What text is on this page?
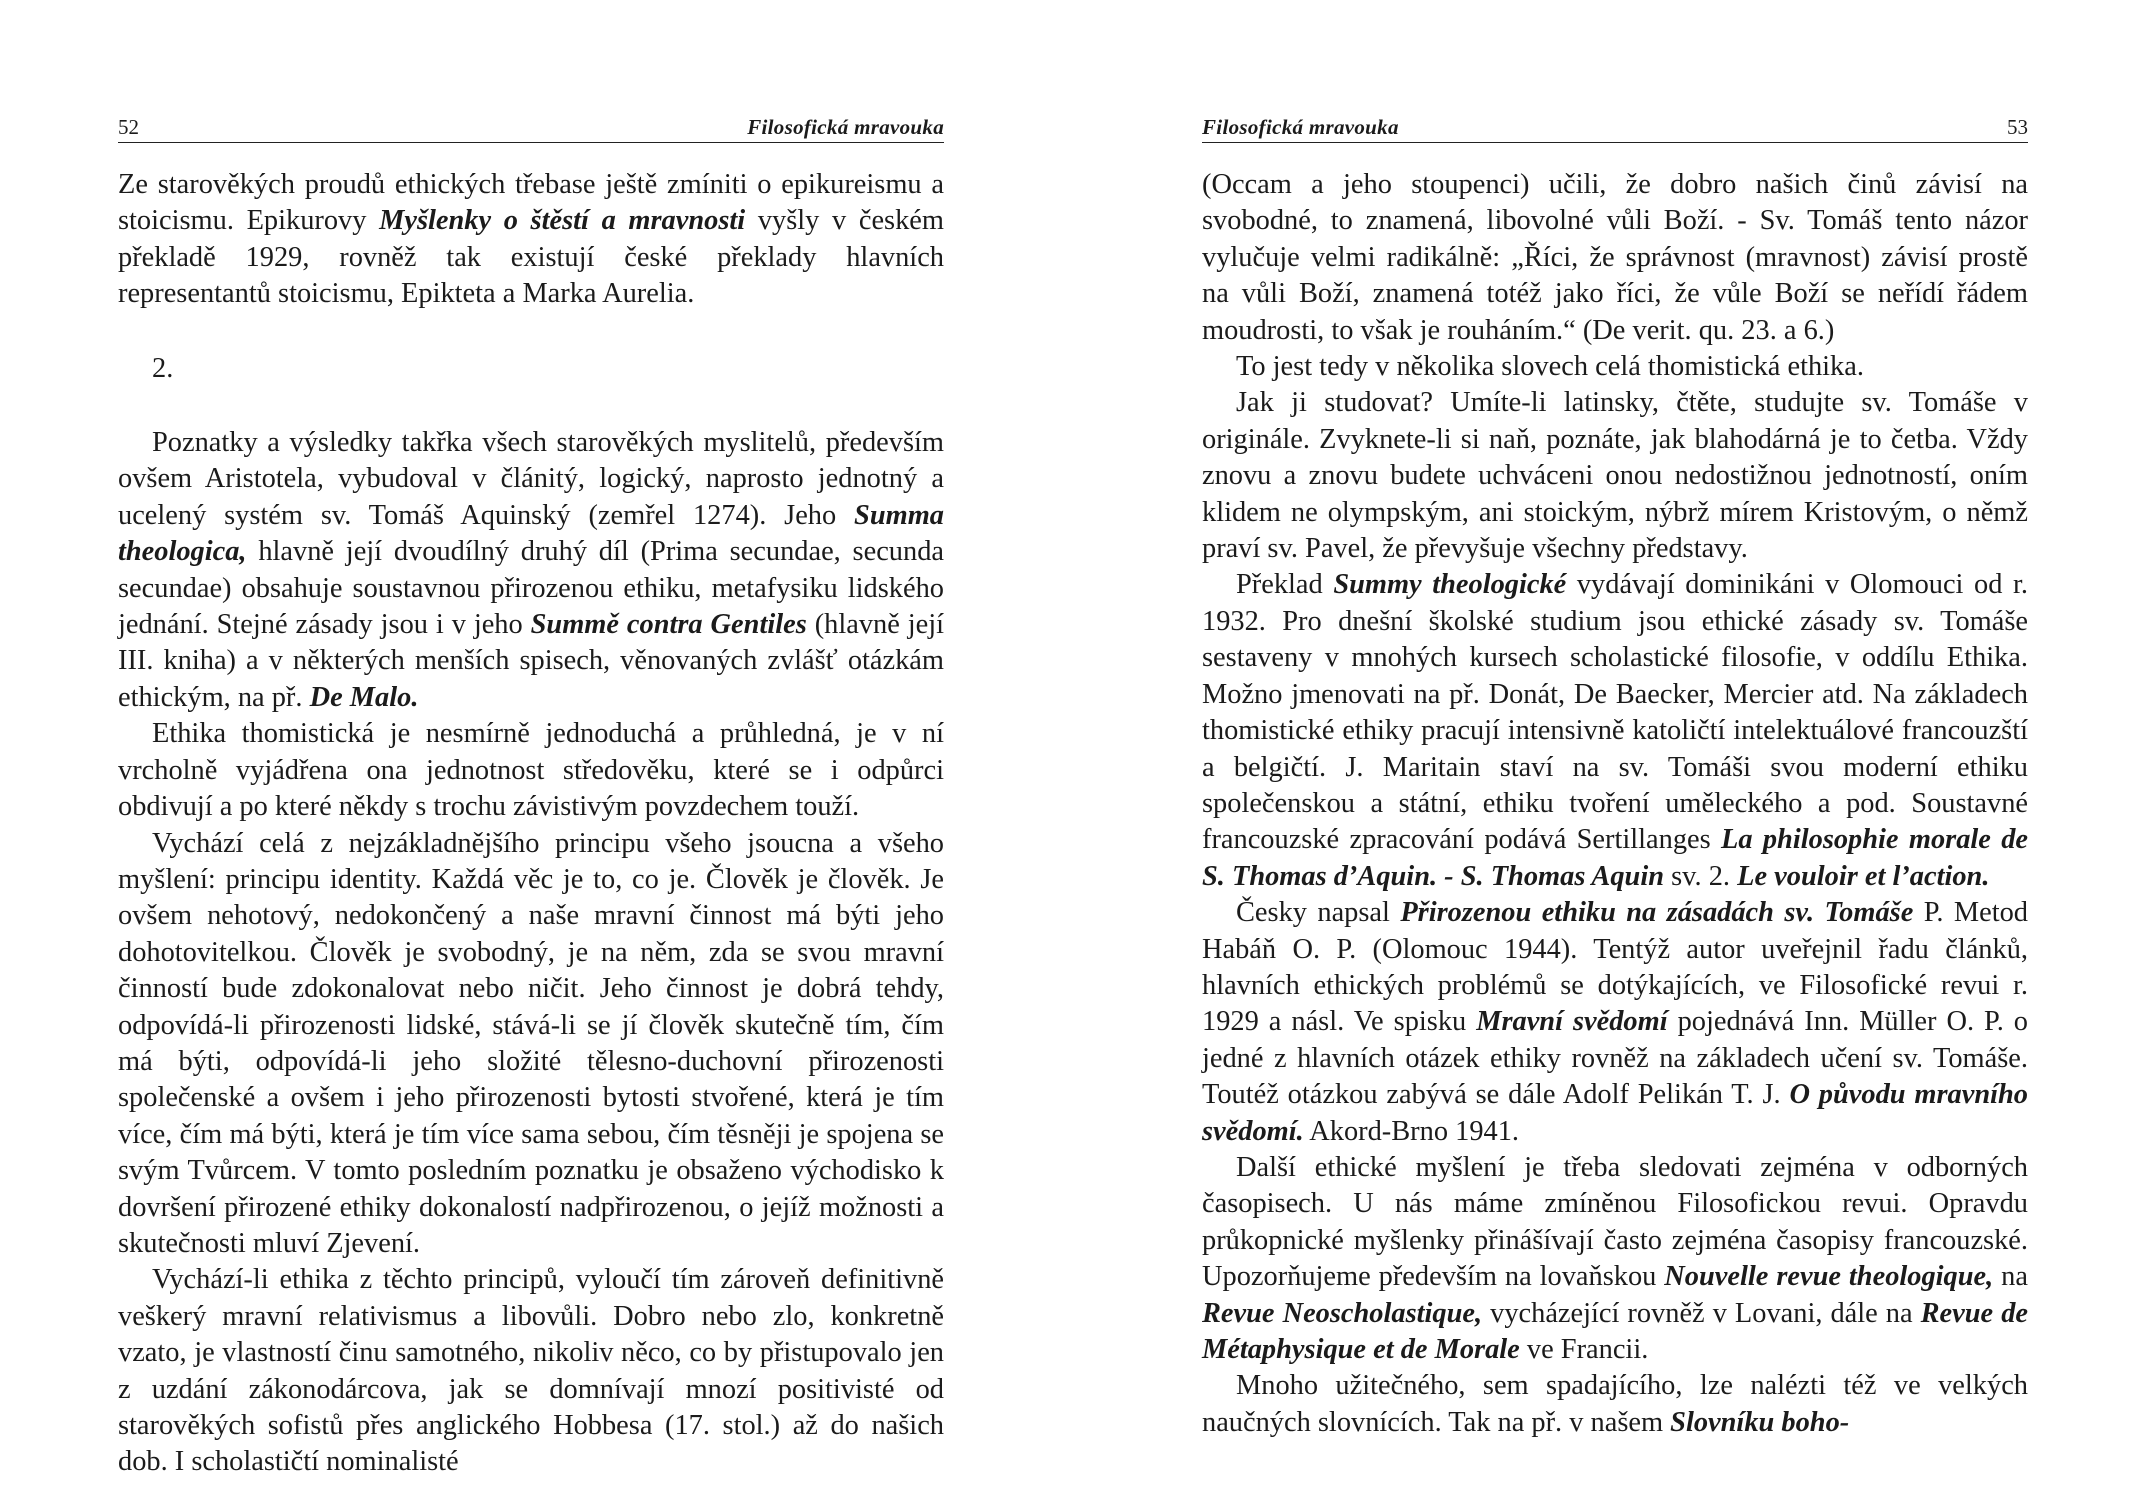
52	Filosofická mravouka

Ze starověkých proudů ethických třebase ještě zmíniti o epikureismu a stoicismu. Epikurovy Myšlenky o štěstí a mravnosti vyšly v českém překladě 1929, rovněž tak existují české překlady hlavních representantů stoicismu, Epikteta a Marka Aurelia.

2.

Poznatky a výsledky takřka všech starověkých myslitelů, především ovšem Aristotela, vybudoval v článitý, logický, naprosto jednotný a ucelený systém sv. Tomáš Aquinský (zemřel 1274). Jeho Summa theologica, hlavně její dvoudílný druhý díl (Prima secundae, secunda secundae) obsahuje soustavnou přirozenou ethiku, metafysiku lidského jednání. Stejné zásady jsou i v jeho Summě contra Gentiles (hlavně její III. kniha) a v některých menších spisech, věnovaných zvlášť otázkám ethickým, na př. De Malo.

Ethika thomistická je nesmírně jednoduchá a průhledná, je v ní vrcholně vyjádřena ona jednotnost středověku, které se i odpůrci obdivují a po které někdy s trochu závistivým povzdechem touží.

Vychází celá z nejzákladnějšího principu všeho jsoucna a všeho myšlení: principu identity. Každá věc je to, co je. Člověk je člověk. Je ovšem nehotový, nedokončený a naše mravní činnost má býti jeho dohotovitelkou. Člověk je svobodný, je na něm, zda se svou mravní činností bude zdokonalovat nebo ničit. Jeho činnost je dobrá tehdy, odpovídá-li přirozenosti lidské, stává-li se jí člověk skutečně tím, čím má býti, odpovídá-li jeho složité tělesno-duchovní přirozenosti společenské a ovšem i jeho přirozenosti bytosti stvořené, která je tím více, čím má býti, která je tím více sama sebou, čím těsněji je spojena se svým Tvůrcem. V tomto posledním poznatku je obsaženo východisko k dovršení přirozené ethiky dokonalostí nadpřirozenou, o jejíž možnosti a skutečnosti mluví Zjevení.

Vychází-li ethika z těchto principů, vyloučí tím zároveň definitivně veškerý mravní relativismus a libovůli. Dobro nebo zlo, konkretně vzato, je vlastností činu samotného, nikoliv něco, co by přistupovalo jen z uzdání zákonodárcova, jak se domnívají mnozí positivisté od starověkých sofistů přes anglického Hobbesa (17. stol.) až do našich dob. I scholastičtí nominalisté

Filosofická mravouka	53

(Occam a jeho stoupenci) učili, že dobro našich činů závisí na svobodné, to znamená, libovolné vůli Boží. - Sv. Tomáš tento názor vylučuje velmi radikálně: „Říci, že správnost (mravnost) závisí prostě na vůli Boží, znamená totéž jako říci, že vůle Boží se neřídí řádem moudrosti, to však je rouháním.“ (De verit. qu. 23. a 6.)

To jest tedy v několika slovech celá thomistická ethika.

Jak ji studovat? Umíte-li latinsky, čtěte, studujte sv. Tomáše v originále. Zvyknete-li si naň, poznáte, jak blahodárná je to četba. Vždy znovu a znovu budete uchváceni onou nedostižnou jednotností, oním klidem ne olympským, ani stoickým, nýbrž mírem Kristovým, o němž praví sv. Pavel, že převyšuje všechny představy.

Překlad Summy theologické vydávají dominikáni v Olomouci od r. 1932. Pro dnešní školské studium jsou ethické zásady sv. Tomáše sestaveny v mnohých kursech scholastické filosofie, v oddílu Ethika. Možno jmenovati na př. Donát, De Baecker, Mercier atd. Na základech thomistické ethiky pracují intensivně katoličtí intelektuálové francouzští a belgičtí. J. Maritain staví na sv. Tomáši svou moderní ethiku společenskou a státní, ethiku tvoření uměleckého a pod. Soustavné francouzské zpracování podává Sertillanges La philosophie morale de S. Thomas d’Aquin. - S. Thomas Aquin sv. 2. Le vouloir et l’action.

Česky napsal Přirozenou ethiku na zásadách sv. Tomáše P. Metod Habáň O. P. (Olomouc 1944). Tentýž autor uveřejnil řadu článků, hlavních ethických problémů se dotýkajících, ve Filosofické revui r. 1929 a násl. Ve spisku Mravní svědomí pojednává Inn. Müller O. P. o jedné z hlavních otázek ethiky rovněž na základech učení sv. Tomáše. Toutéž otázkou zabývá se dále Adolf Pelikán T. J. O původu mravního svědomí. Akord-Brno 1941.

Další ethické myšlení je třeba sledovati zejména v odborných časopisech. U nás máme zmíněnou Filosofickou revui. Opravdu průkopnické myšlenky přinášívají často zejména časopisy francouzské. Upozorňujeme především na lovaňskou Nouvelle revue theologique, na Revue Neoscholastique, vycházející rovněž v Lovani, dále na Revue de Métaphysique et de Morale ve Francii.

Mnoho užitečného, sem spadajícího, lze nalézti též ve velkých naučných slovnících. Tak na př. v našem Slovníku boho-
